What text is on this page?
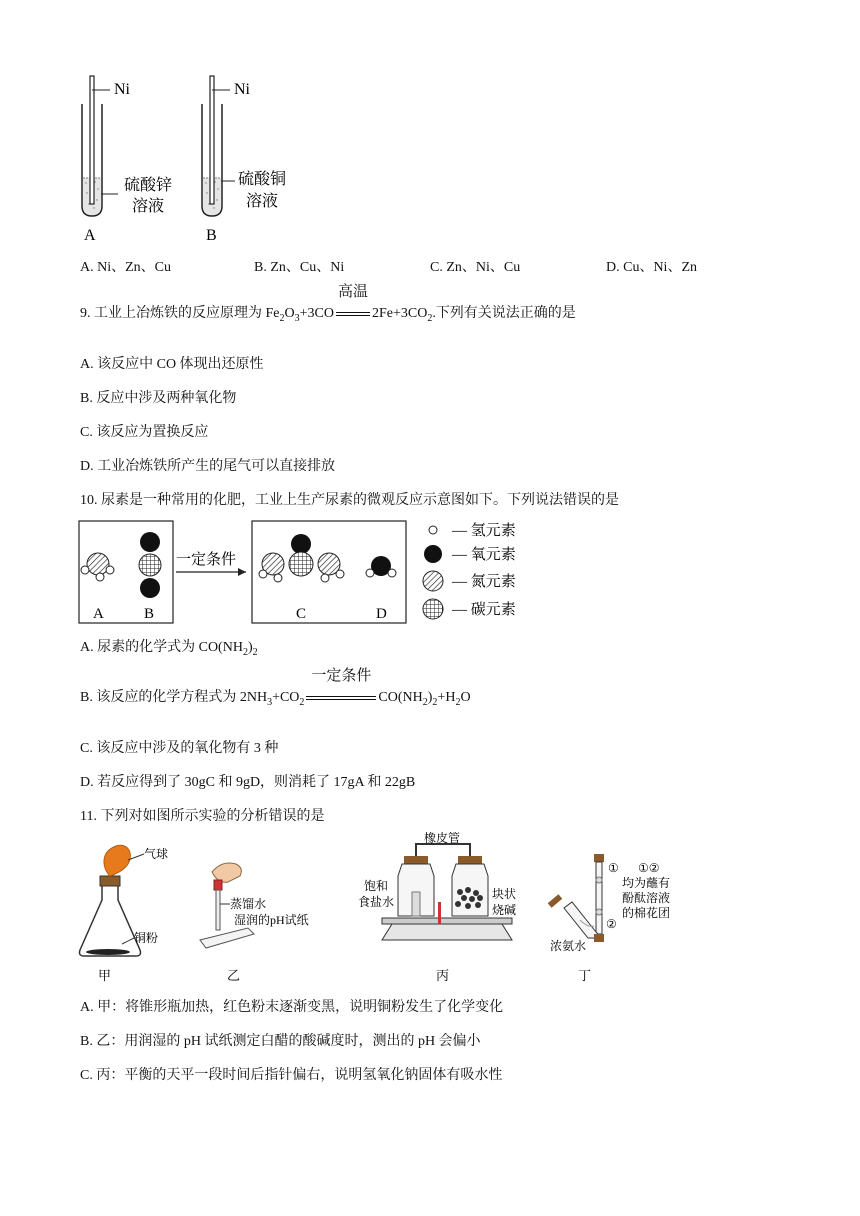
Ni	Ni
硫酸锌
溶液
硫酸铜
溶液
A	B
A. Ni、Zn、Cu	B. Zn、Cu、Ni	C. Zn、Ni、Cu	D. Cu、Ni、Zn
9. 工业上冶炼铁的反应原理为 $Fe_2O_3+3CO$
高温
$2Fe+3CO_2$.下列有关说法正确的是
A. 该反应中 CO 体现出还原性
B. 反应中涉及两种氧化物
C. 该反应为置换反应
D. 工业冶炼铁所产生的尾气可以直接排放
10. 尿素是一种常用的化肥，工业上生产尿素的微观反应示意图如下。下列说法错误的是
A	B
一定条件
C	D
— 氢元素
— 氧元素
— 氮元素
— 碳元素
A. 尿素的化学式为 $CO(NH_2)_2$
B. 该反应的化学方程式为 $2NH_3+CO_2$
一定条件
$CO(NH_2)_2+H_2O$
C. 该反应中涉及的氧化物有 3 种
D. 若反应得到了 30gC 和 9gD，则消耗了 17gA 和 22gB
11. 下列对如图所示实验的分析错误的是
气球
铜粉
甲
蒸馏水
湿润的pH试纸
乙
橡皮管
饱和
食盐水
块状
烧碱
丙
① ①②
均为蘸有
酚酞溶液
的棉花团
②
浓氨水
丁
A. 甲：将锥形瓶加热，红色粉末逐渐变黑，说明铜粉发生了化学变化
B. 乙：用润湿的 pH 试纸测定白醋的酸碱度时，测出的 pH 会偏小
C. 丙：平衡的天平一段时间后指针偏右，说明氢氧化钠固体有吸水性
